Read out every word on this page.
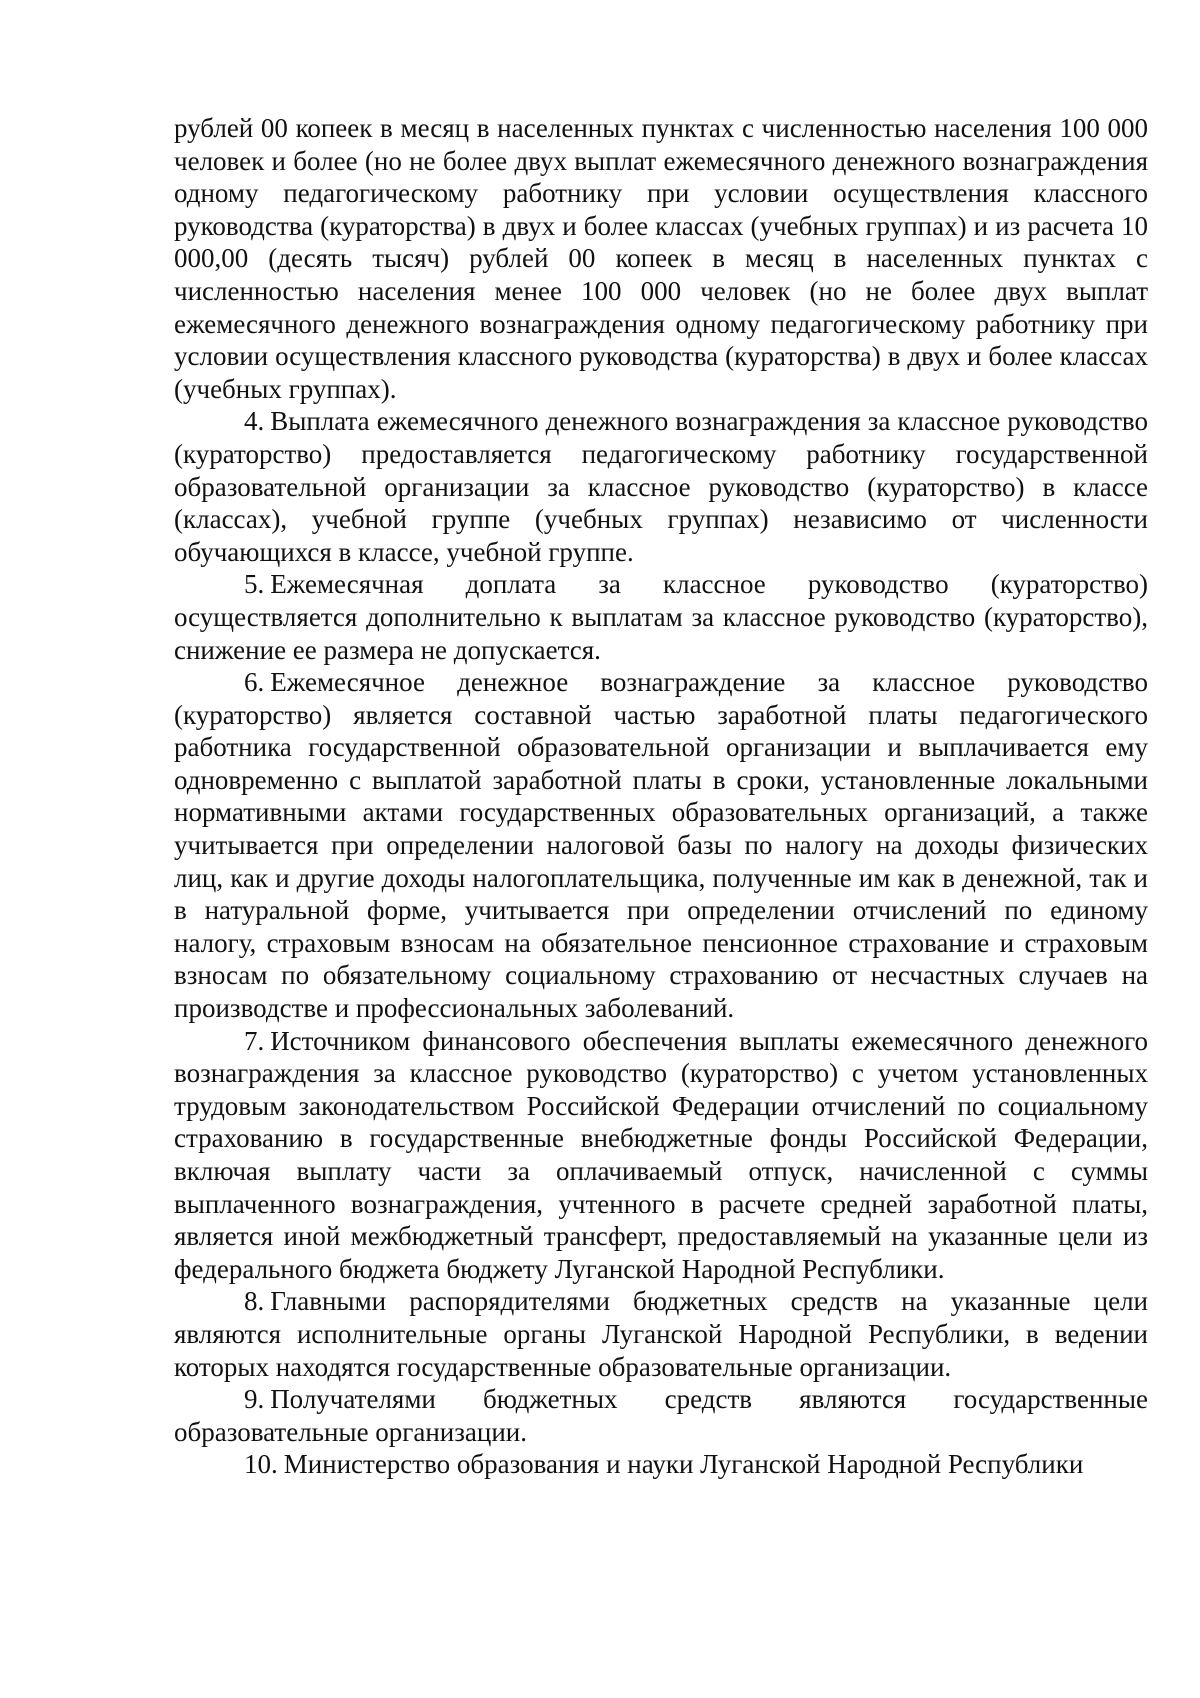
рублей 00 копеек в месяц в населенных пунктах с численностью населения 100 000 человек и более (но не более двух выплат ежемесячного денежного вознаграждения одному педагогическому работнику при условии осуществления классного руководства (кураторства) в двух и более классах (учебных группах) и из расчета 10 000,00 (десять тысяч) рублей 00 копеек в месяц в населенных пунктах с численностью населения менее 100 000 человек (но не более двух выплат ежемесячного денежного вознаграждения одному педагогическому работнику при условии осуществления классного руководства (кураторства) в двух и более классах (учебных группах).

4. Выплата ежемесячного денежного вознаграждения за классное руководство (кураторство) предоставляется педагогическому работнику государственной образовательной организации за классное руководство (кураторство) в классе (классах), учебной группе (учебных группах) независимо от численности обучающихся в классе, учебной группе.

5. Ежемесячная доплата за классное руководство (кураторство) осуществляется дополнительно к выплатам за классное руководство (кураторство), снижение ее размера не допускается.

6. Ежемесячное денежное вознаграждение за классное руководство (кураторство) является составной частью заработной платы педагогического работника государственной образовательной организации и выплачивается ему одновременно с выплатой заработной платы в сроки, установленные локальными нормативными актами государственных образовательных организаций, а также учитывается при определении налоговой базы по налогу на доходы физических лиц, как и другие доходы налогоплательщика, полученные им как в денежной, так и в натуральной форме, учитывается при определении отчислений по единому налогу, страховым взносам на обязательное пенсионное страхование и страховым взносам по обязательному социальному страхованию от несчастных случаев на производстве и профессиональных заболеваний.

7. Источником финансового обеспечения выплаты ежемесячного денежного вознаграждения за классное руководство (кураторство) с учетом установленных трудовым законодательством Российской Федерации отчислений по социальному страхованию в государственные внебюджетные фонды Российской Федерации, включая выплату части за оплачиваемый отпуск, начисленной с суммы выплаченного вознаграждения, учтенного в расчете средней заработной платы, является иной межбюджетный трансферт, предоставляемый на указанные цели из федерального бюджета бюджету Луганской Народной Республики.

8. Главными распорядителями бюджетных средств на указанные цели являются исполнительные органы Луганской Народной Республики, в ведении которых находятся государственные образовательные организации.

9. Получателями бюджетных средств являются государственные образовательные организации.

10. Министерство образования и науки Луганской Народной Республики
